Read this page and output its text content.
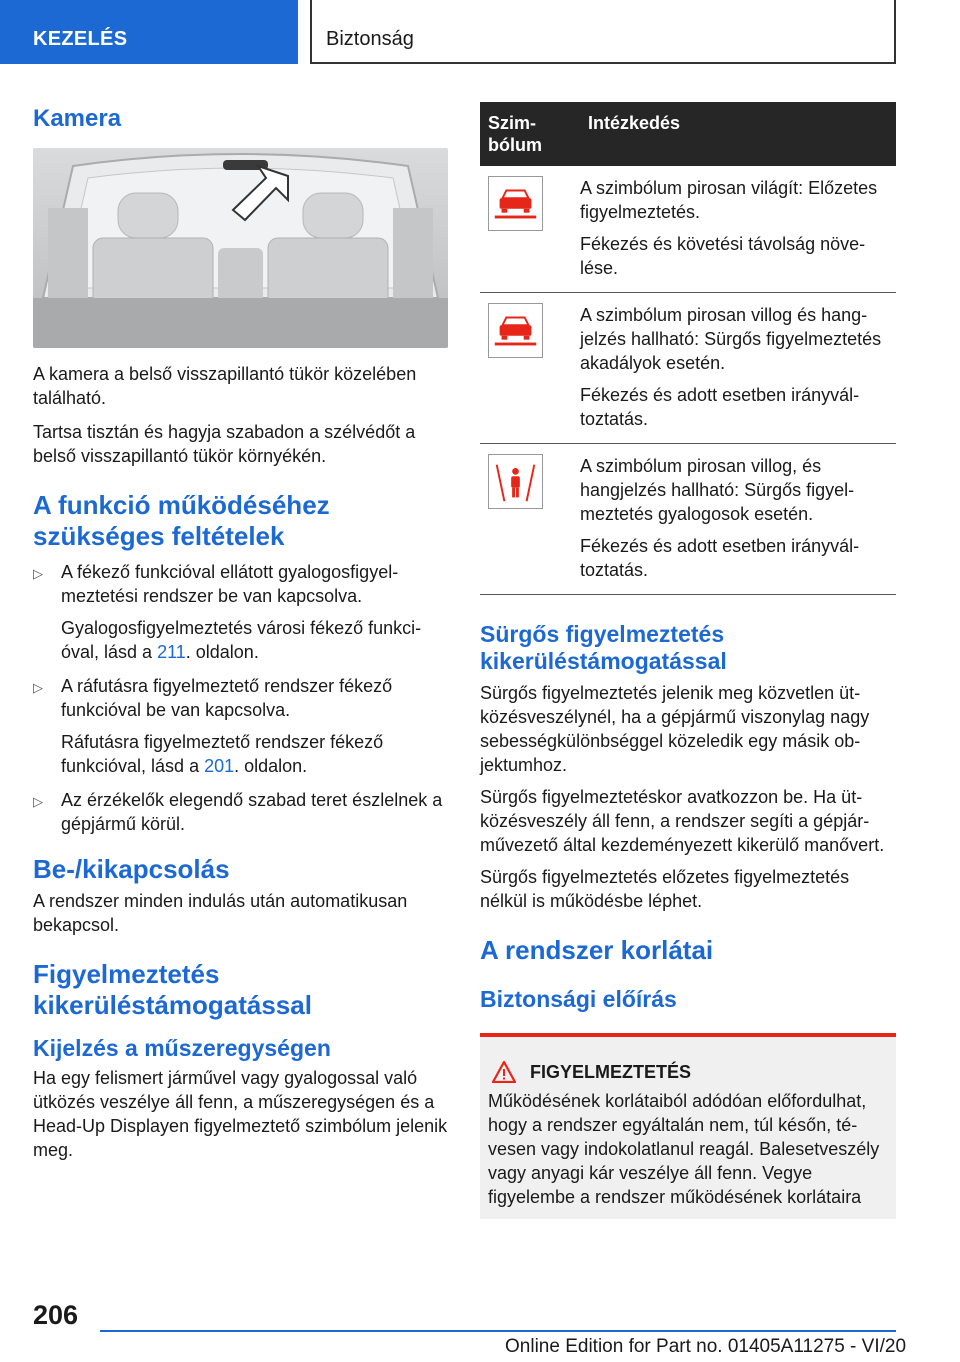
KEZELÉS	Biztonság
Kamera

A kamera a belső visszapillantó tükör közelében található.

Tartsa tisztán és hagyja szabadon a szélvédőt a belső visszapillantó tükör környékén.

A funkció működéséhez szükséges feltételek
▷ A fékező funkcióval ellátott gyalogosfigyelmeztetési rendszer be van kapcsolva.
Gyalogosfigyelmeztetés városi fékező funkcióval, lásd a 211. oldalon.
▷ A ráfutásra figyelmeztető rendszer fékező funkcióval be van kapcsolva.
Ráfutásra figyelmeztető rendszer fékező funkcióval, lásd a 201. oldalon.
▷ Az érzékelők elegendő szabad teret észlelnek a gépjármű körül.
Be-/kikapcsolás

A rendszer minden indulás után automatikusan bekapcsol.

Figyelmeztetés kikerüléstámogatással
Kijelzés a műszeregységen

Ha egy felismert járművel vagy gyalogossal való ütközés veszélye áll fenn, a műszeregységen és a Head-Up Displayen figyelmeztető szimbólum jelenik meg.

Szimbólum	Intézkedés

A szimbólum pirosan világít: Előzetes figyelmeztetés.

Fékezés és követési távolság növelése.

A szimbólum pirosan villog és hangjelzés hallható: Sürgős figyelmeztetés akadályok esetén.

Fékezés és adott esetben irányváltoztatás.

A szimbólum pirosan villog, és hangjelzés hallható: Sürgős figyelmeztetés gyalogosok esetén.

Fékezés és adott esetben irányváltoztatás.

Sürgős figyelmeztetés kikerüléstámogatással

Sürgős figyelmeztetés jelenik meg közvetlen ütközésveszélynél, ha a gépjármű viszonylag nagy sebességkülönbséggel közeledik egy másik objektumhoz.

Sürgős figyelmeztetéskor avatkozzon be. Ha ütközésveszély áll fenn, a rendszer segíti a gépjárművezető által kezdeményezett kikerülő manővert.

Sürgős figyelmeztetés előzetes figyelmeztetés nélkül is működésbe léphet.

A rendszer korlátai
Biztonsági előírás
FIGYELMEZTETÉS

Működésének korlátaiból adódóan előfordulhat, hogy a rendszer egyáltalán nem, túl későn, tévesen vagy indokolatlanul reagál. Balesetveszély vagy anyagi kár veszélye áll fenn. Vegye figyelembe a rendszer működésének korlátaira

206
Online Edition for Part no. 01405A11275 - VI/20
